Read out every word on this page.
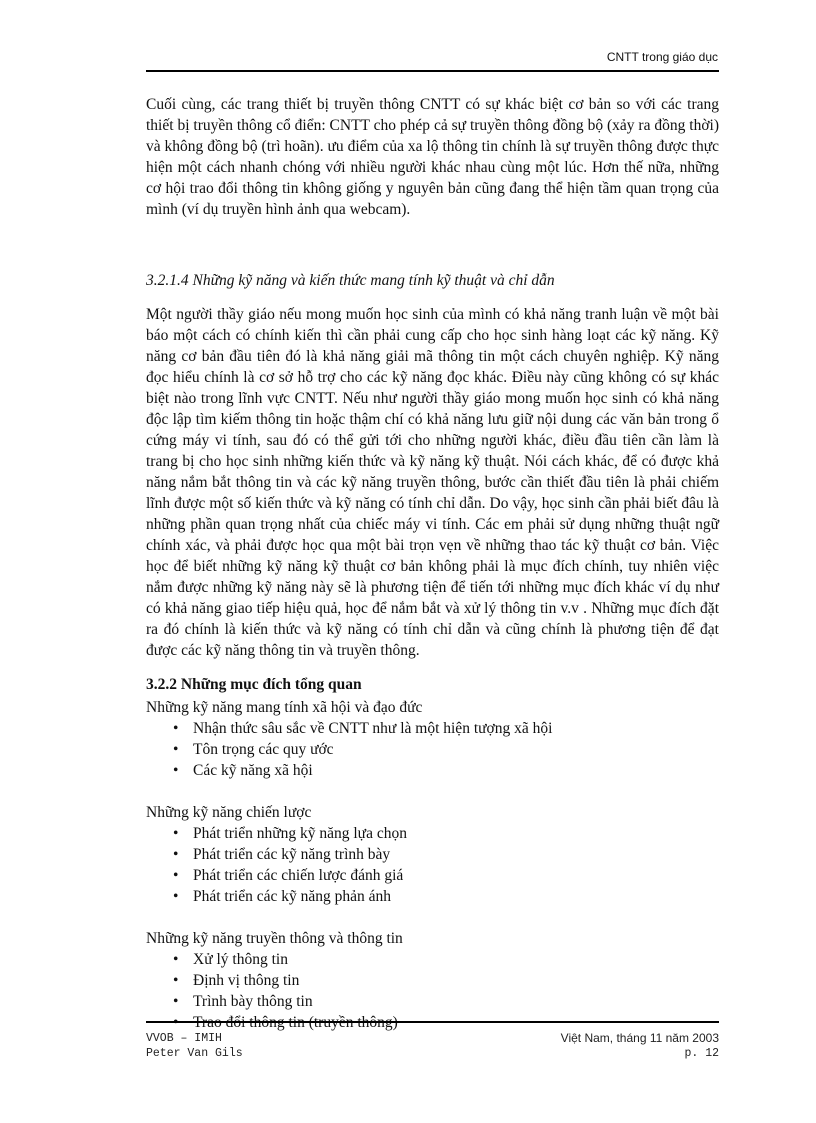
CNTT trong giáo dục

Cuối cùng, các trang thiết bị truyền thông CNTT có sự khác biệt cơ bản so với các trang thiết bị truyền thông cổ điển: CNTT cho phép cả sự truyền thông đồng bộ (xảy ra đồng thời) và không đồng bộ (trì hoãn). ưu điểm của xa lộ thông tin chính là sự truyền thông được thực hiện một cách nhanh chóng với nhiều người khác nhau cùng một lúc. Hơn thế nữa, những cơ hội trao đổi thông tin không giống y nguyên bản cũng đang thể hiện tầm quan trọng của mình (ví dụ truyền hình ảnh qua webcam).

3.2.1.4 Những kỹ năng và kiến thức mang tính kỹ thuật và chỉ dẫn

Một người thầy giáo nếu mong muốn học sinh của mình có khả năng tranh luận về một bài báo một cách có chính kiến thì cần phải cung cấp cho học sinh hàng loạt các kỹ năng. Kỹ năng cơ bản đầu tiên đó là khả năng giải mã thông tin một cách chuyên nghiệp. Kỹ năng đọc hiểu chính là cơ sở hỗ trợ cho các kỹ năng đọc khác. Điều này cũng không có sự khác biệt nào trong lĩnh vực CNTT. Nếu như người thầy giáo mong muốn học sinh có khả năng độc lập tìm kiếm thông tin hoặc thậm chí có khả năng lưu giữ nội dung các văn bản trong ổ cứng máy vi tính, sau đó có thể gửi tới cho những người khác, điều đầu tiên cần làm là trang bị cho học sinh những kiến thức và kỹ năng kỹ thuật. Nói cách khác, để có được khả năng nắm bắt thông tin và các kỹ năng truyền thông, bước cần thiết đầu tiên là phải chiếm lĩnh được một số kiến thức và kỹ năng có tính chỉ dẫn. Do vậy, học sinh cần phải biết đâu là những phần quan trọng nhất của chiếc máy vi tính. Các em phải sử dụng những thuật ngữ chính xác, và phải được học qua một bài trọn vẹn về những thao tác kỹ thuật cơ bản. Việc học để biết những kỹ năng kỹ thuật cơ bản không phải là mục đích chính, tuy nhiên việc nắm được những kỹ năng này sẽ là phương tiện để tiến tới những mục đích khác ví dụ như có khả năng giao tiếp hiệu quả, học để nắm bắt và xử lý thông tin v.v . Những mục đích đặt ra đó chính là kiến thức và kỹ năng có tính chỉ dẫn và cũng chính là phương tiện để đạt được các kỹ năng thông tin và truyền thông.

3.2.2 Những mục đích tổng quan

Những kỹ năng mang tính xã hội và đạo đức

• Nhận thức sâu sắc về CNTT như là một hiện tượng xã hội
• Tôn trọng các quy ước
• Các kỹ năng xã hội

Những kỹ năng chiến lược

• Phát triển những kỹ năng lựa chọn
• Phát triển các kỹ năng trình bày
• Phát triển các chiến lược đánh giá
• Phát triển các kỹ năng phản ánh

Những kỹ năng truyền thông và thông tin

• Xử lý thông tin
• Định vị thông tin
• Trình bày thông tin
• Trao đổi thông tin (truyền thông)
VVOB – IMIH
Peter Van Gils
Việt Nam, tháng 11 năm 2003
p. 12
